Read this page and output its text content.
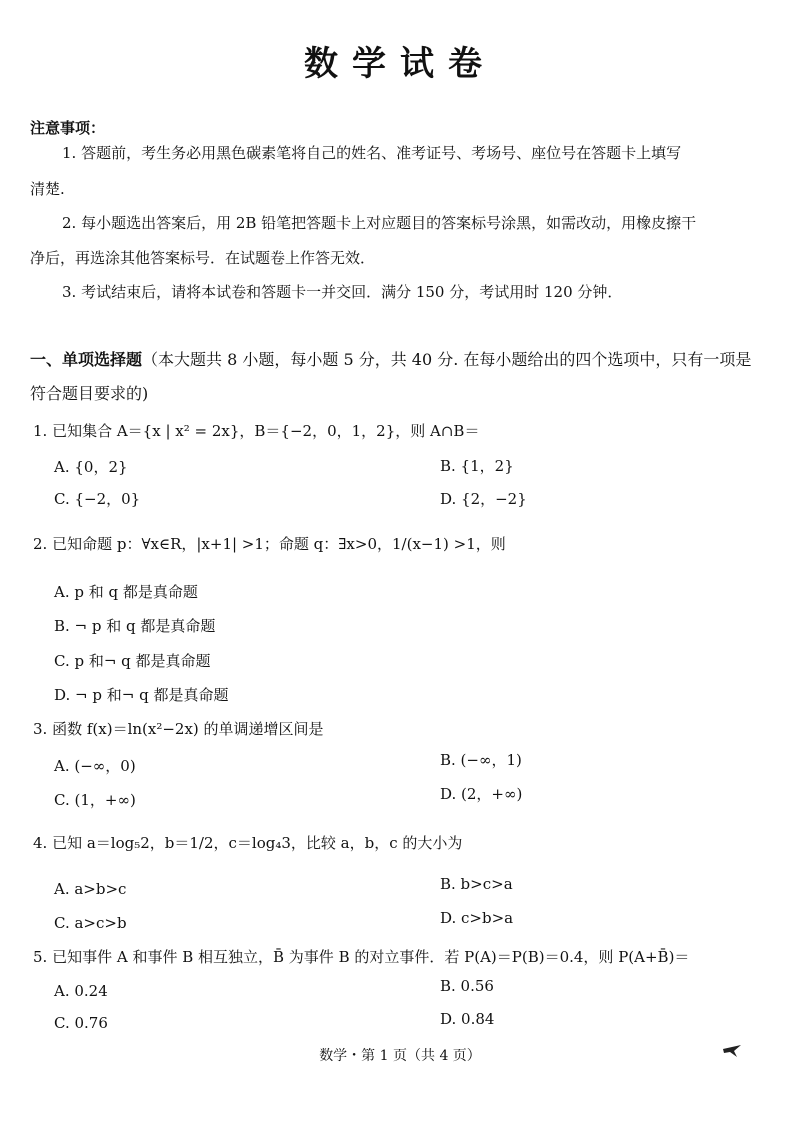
数学试卷
注意事项：
1. 答题前，考生务必用黑色碳素笔将自己的姓名、准考证号、考场号、座位号在答题卡上填写
清楚.
2. 每小题选出答案后，用 2B 铅笔把答题卡上对应题目的答案标号涂黑，如需改动，用橡皮擦干
净后，再选涂其他答案标号．在试题卷上作答无效．
3. 考试结束后，请将本试卷和答题卡一并交回．满分 150 分，考试用时 120 分钟．
一、单项选择题（本大题共 8 小题，每小题 5 分，共 40 分. 在每小题给出的四个选项中，只有一项是
符合题目要求的)
1. 已知集合 A＝{x | x² = 2x}，B＝{−2，0，1，2}，则 A∩B＝
A. {0，2}	B. {1，2}
C. {−2，0}	D. {2，−2}
2. 已知命题 p：∀x∈R，|x+1| >1；命题 q：∃x>0，1/(x−1) >1，则
A. p 和 q 都是真命题
B. ¬ p 和 q 都是真命题
C. p 和¬ q 都是真命题
D. ¬ p 和¬ q 都是真命题
3. 函数 f(x)＝ln(x²−2x) 的单调递增区间是
A. (−∞，0)	B. (−∞，1)
C. (1，+∞)	D. (2，+∞)
4. 已知 a＝log₅2，b＝1/2，c＝log₄3，比较 a，b，c 的大小为
A. a>b>c	B. b>c>a
C. a>c>b	D. c>b>a
5. 已知事件 A 和事件 B 相互独立，B̄ 为事件 B 的对立事件．若 P(A)＝P(B)＝0.4，则 P(A+B̄)＝
A. 0.24	B. 0.56
C. 0.76	D. 0.84
数学・第 1 页（共 4 页）
